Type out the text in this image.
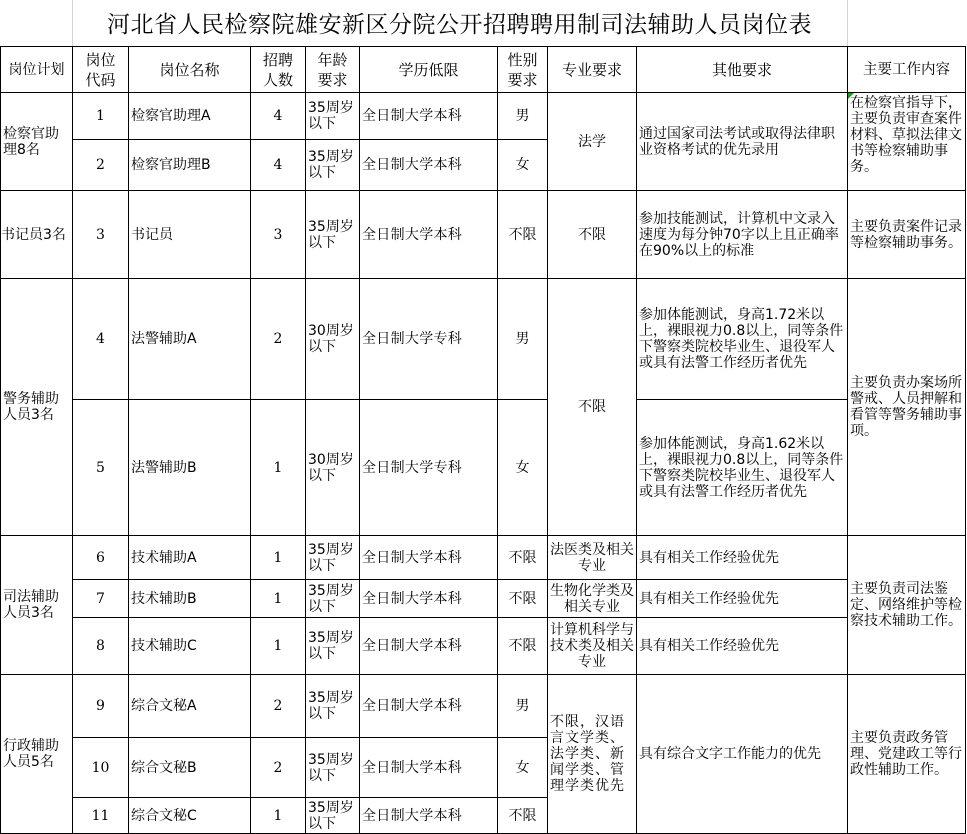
河北省人民检察院雄安新区分院公开招聘聘用制司法辅助人员岗位表
岗位计划	岗位代码	岗位名称	招聘人数	年龄要求	学历低限	性别要求	专业要求	其他要求	主要工作内容
检察官助理8名	1	检察官助理A	4	35周岁以下	全日制大学本科	男	法学	通过国家司法考试或取得法律职业资格考试的优先录用	在检察官指导下，主要负责审查案件材料、草拟法律文书等检察辅助事务。
	2	检察官助理B	4	35周岁以下	全日制大学本科	女			
书记员3名	3	书记员	3	35周岁以下	全日制大学本科	不限	不限	参加技能测试，计算机中文录入速度为每分钟70字以上且正确率在90%以上的标准	主要负责案件记录等检察辅助事务。
警务辅助人员3名	4	法警辅助A	2	30周岁以下	全日制大学专科	男	不限	参加体能测试，身高1.72米以上，裸眼视力0.8以上，同等条件下警察类院校毕业生、退役军人或具有法警工作经历者优先	主要负责办案场所警戒、人员押解和看管等警务辅助事项。
	5	法警辅助B	1	30周岁以下	全日制大学专科	女		参加体能测试，身高1.62米以上，裸眼视力0.8以上，同等条件下警察类院校毕业生、退役军人或具有法警工作经历者优先	
司法辅助人员3名	6	技术辅助A	1	35周岁以下	全日制大学本科	不限	法医类及相关专业	具有相关工作经验优先	主要负责司法鉴定、网络维护等检察技术辅助工作。
	7	技术辅助B	1	35周岁以下	全日制大学本科	不限	生物化学类及相关专业	具有相关工作经验优先	
	8	技术辅助C	1	35周岁以下	全日制大学本科	不限	计算机科学与技术类及相关专业	具有相关工作经验优先	
行政辅助人员5名	9	综合文秘A	2	35周岁以下	全日制大学本科	男	不限，汉语言文学类、法学类、新闻学类、管理学类优先	具有综合文字工作能力的优先	主要负责政务管理、党建政工等行政性辅助工作。
	10	综合文秘B	2	35周岁以下	全日制大学本科	女			
	11	综合文秘C	1	35周岁以下	全日制大学本科	不限			
